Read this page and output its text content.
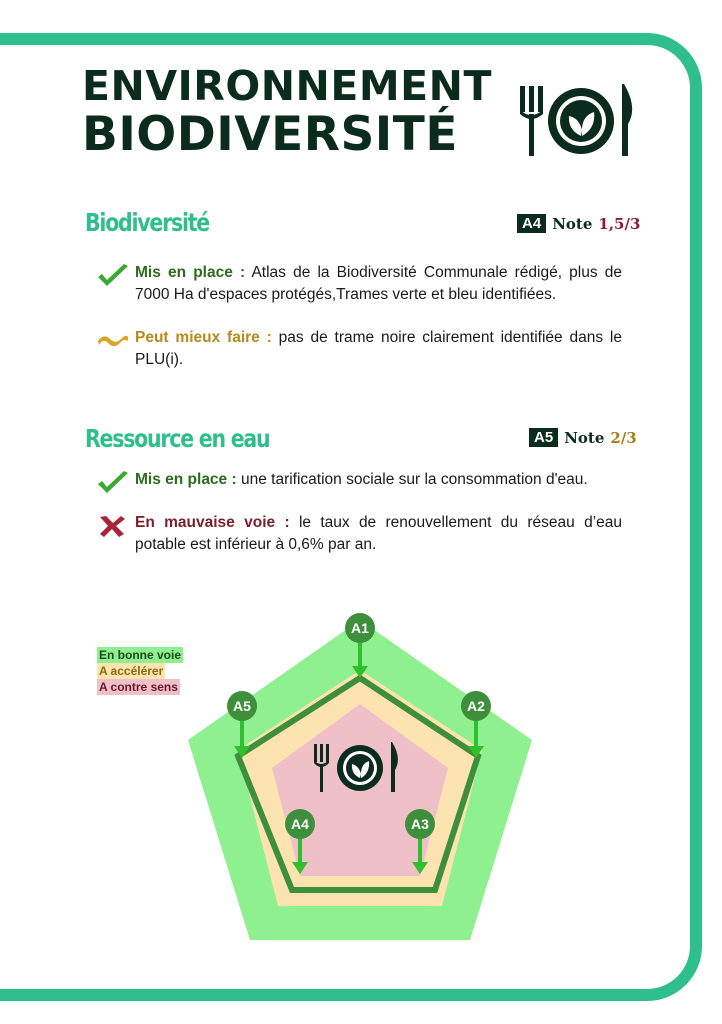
ENVIRONNEMENT
BIODIVERSITÉ
Biodiversité	A4 Note 1,5/3
Mis en place : Atlas de la Biodiversité Communale rédigé, plus de 7000 Ha d'espaces protégés,Trames verte et bleu identifiées.
Peut mieux faire : pas de trame noire clairement identifiée dans le PLU(i).
Ressource en eau	A5 Note 2/3
Mis en place : une tarification sociale sur la consommation d'eau.
En mauvaise voie : le taux de renouvellement du réseau d’eau potable est inférieur à 0,6% par an.
En bonne voie
A accélérer
A contre sens
A1
A2
A3
A4
A5
